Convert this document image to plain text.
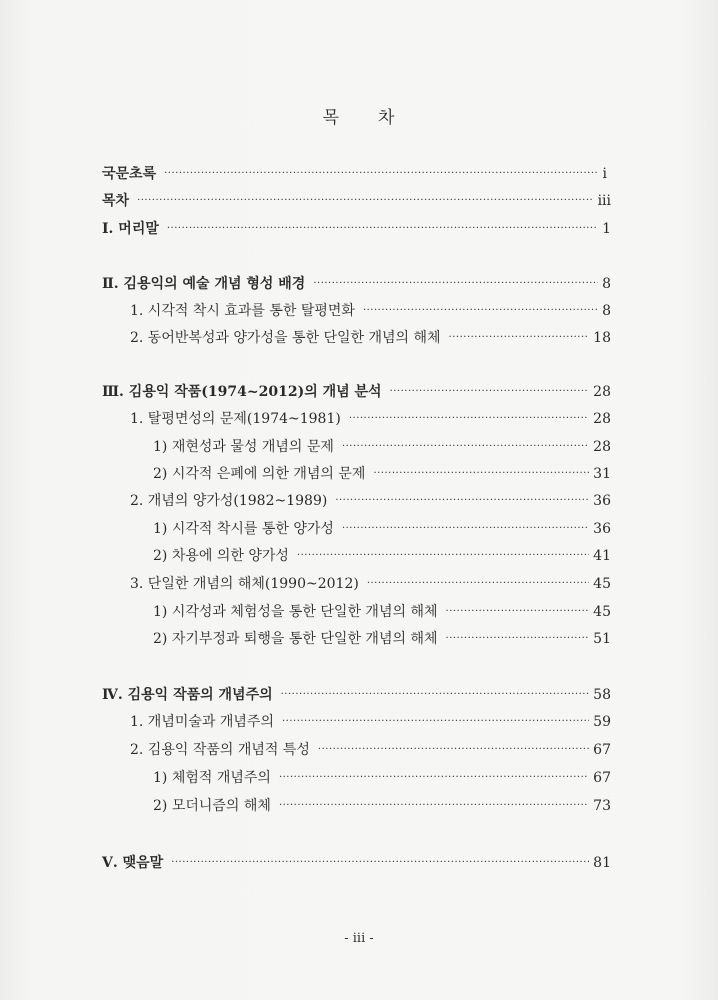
목 차
국문초록 ·····	i
목차 ·····	iii
Ⅰ. 머리말 ·····	1
Ⅱ. 김용익의 예술 개념 형성 배경 ·····	8
1. 시각적 착시 효과를 통한 탈평면화 ·····	8
2. 동어반복성과 양가성을 통한 단일한 개념의 해체 ·····	18
Ⅲ. 김용익 작품(1974~2012)의 개념 분석 ·····	28
1. 탈평면성의 문제(1974~1981) ·····	28
1) 재현성과 물성 개념의 문제 ·····	28
2) 시각적 은폐에 의한 개념의 문제 ·····	31
2. 개념의 양가성(1982~1989) ·····	36
1) 시각적 착시를 통한 양가성 ·····	36
2) 차용에 의한 양가성 ·····	41
3. 단일한 개념의 해체(1990~2012) ·····	45
1) 시각성과 체험성을 통한 단일한 개념의 해체 ·····	45
2) 자기부정과 퇴행을 통한 단일한 개념의 해체 ·····	51
Ⅳ. 김용익 작품의 개념주의 ·····	58
1. 개념미술과 개념주의 ·····	59
2. 김용익 작품의 개념적 특성 ·····	67
1) 체험적 개념주의 ·····	67
2) 모더니즘의 해체 ·····	73
Ⅴ. 맺음말 ·····	81
- iii -
